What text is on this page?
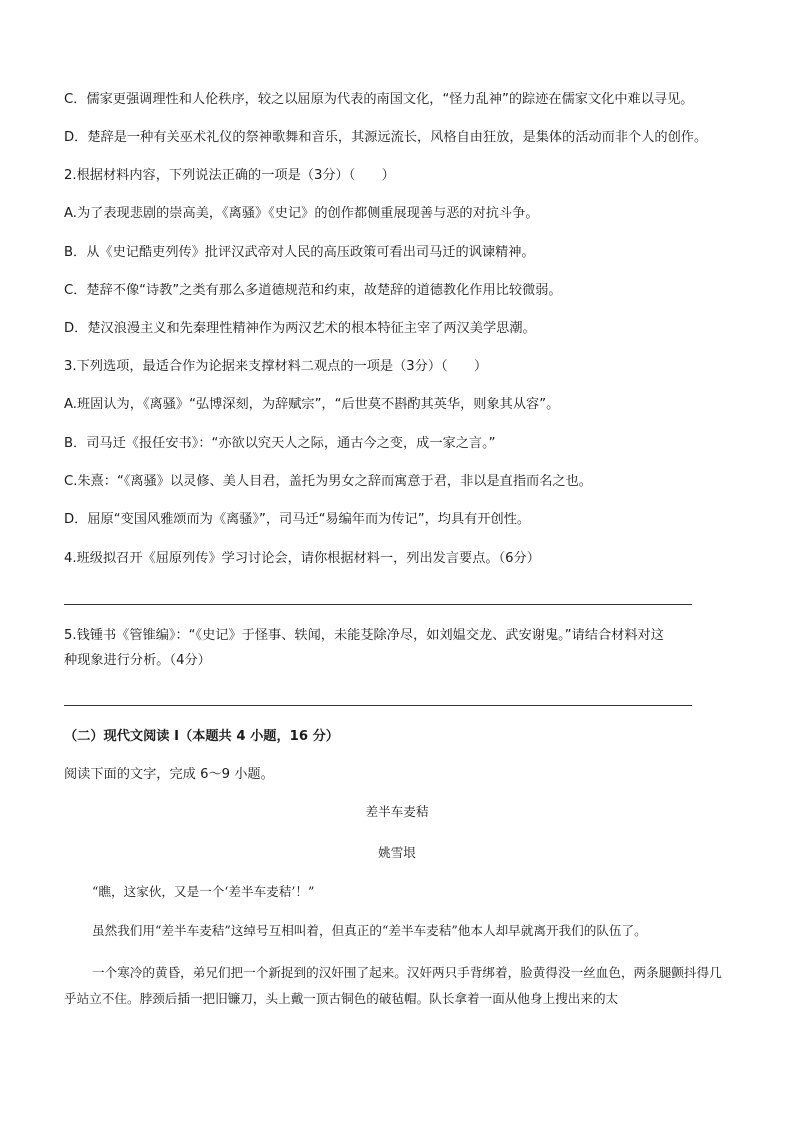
C．儒家更强调理性和人伦秩序，较之以屈原为代表的南国文化，“怪力乱神”的踪迹在儒家文化中难以寻见。
D．楚辞是一种有关巫术礼仪的祭神歌舞和音乐，其源远流长，风格自由狂放，是集体的活动而非个人的创作。
2.根据材料内容，下列说法正确的一项是（3分）（　　）
A.为了表现悲剧的崇高美，《离骚》《史记》的创作都侧重展现善与恶的对抗斗争。
B．从《史记酷吏列传》批评汉武帝对人民的高压政策可看出司马迁的讽谏精神。
C．楚辞不像“诗教”之类有那么多道德规范和约束，故楚辞的道德教化作用比较微弱。
D．楚汉浪漫主义和先秦理性精神作为两汉艺术的根本特征主宰了两汉美学思潮。
3.下列选项，最适合作为论据来支撑材料二观点的一项是（3分）（　　）
A.班固认为，《离骚》“弘博深刻，为辞赋宗”，“后世莫不斟酌其英华，则象其从容”。
B．司马迁《报任安书》：“亦欲以究天人之际，通古今之变，成一家之言。”
C.朱熹：“《离骚》以灵修、美人目君，盖托为男女之辞而寓意于君，非以是直指而名之也。
D．屈原“变国风雅颂而为《离骚》”，司马迁“易编年而为传记”，均具有开创性。
4.班级拟召开《屈原列传》学习讨论会，请你根据材料一，列出发言要点。（6分）
5.钱锺书《管锥编》：“《史记》于怪事、轶闻，未能芟除净尽，如刘媪交龙、武安谢鬼。”请结合材料对这
种现象进行分析。（4分）
（二）现代文阅读 I（本题共 4 小题，16 分）
阅读下面的文字，完成 6～9 小题。
差半车麦秸
姚雪垠
“瞧，这家伙，又是一个‘差半车麦秸’！”
虽然我们用“差半车麦秸”这绰号互相叫着，但真正的“差半车麦秸”他本人却早就离开我们的队伍了。
一个寒冷的黄昏，弟兄们把一个新捉到的汉奸围了起来。汉奸两只手背绑着，脸黄得没一丝血色，两条腿颤抖得几乎站立不住。脖颈后插一把旧镰刀，头上戴一顶古铜色的破毡帽。队长拿着一面从他身上搜出来的太
